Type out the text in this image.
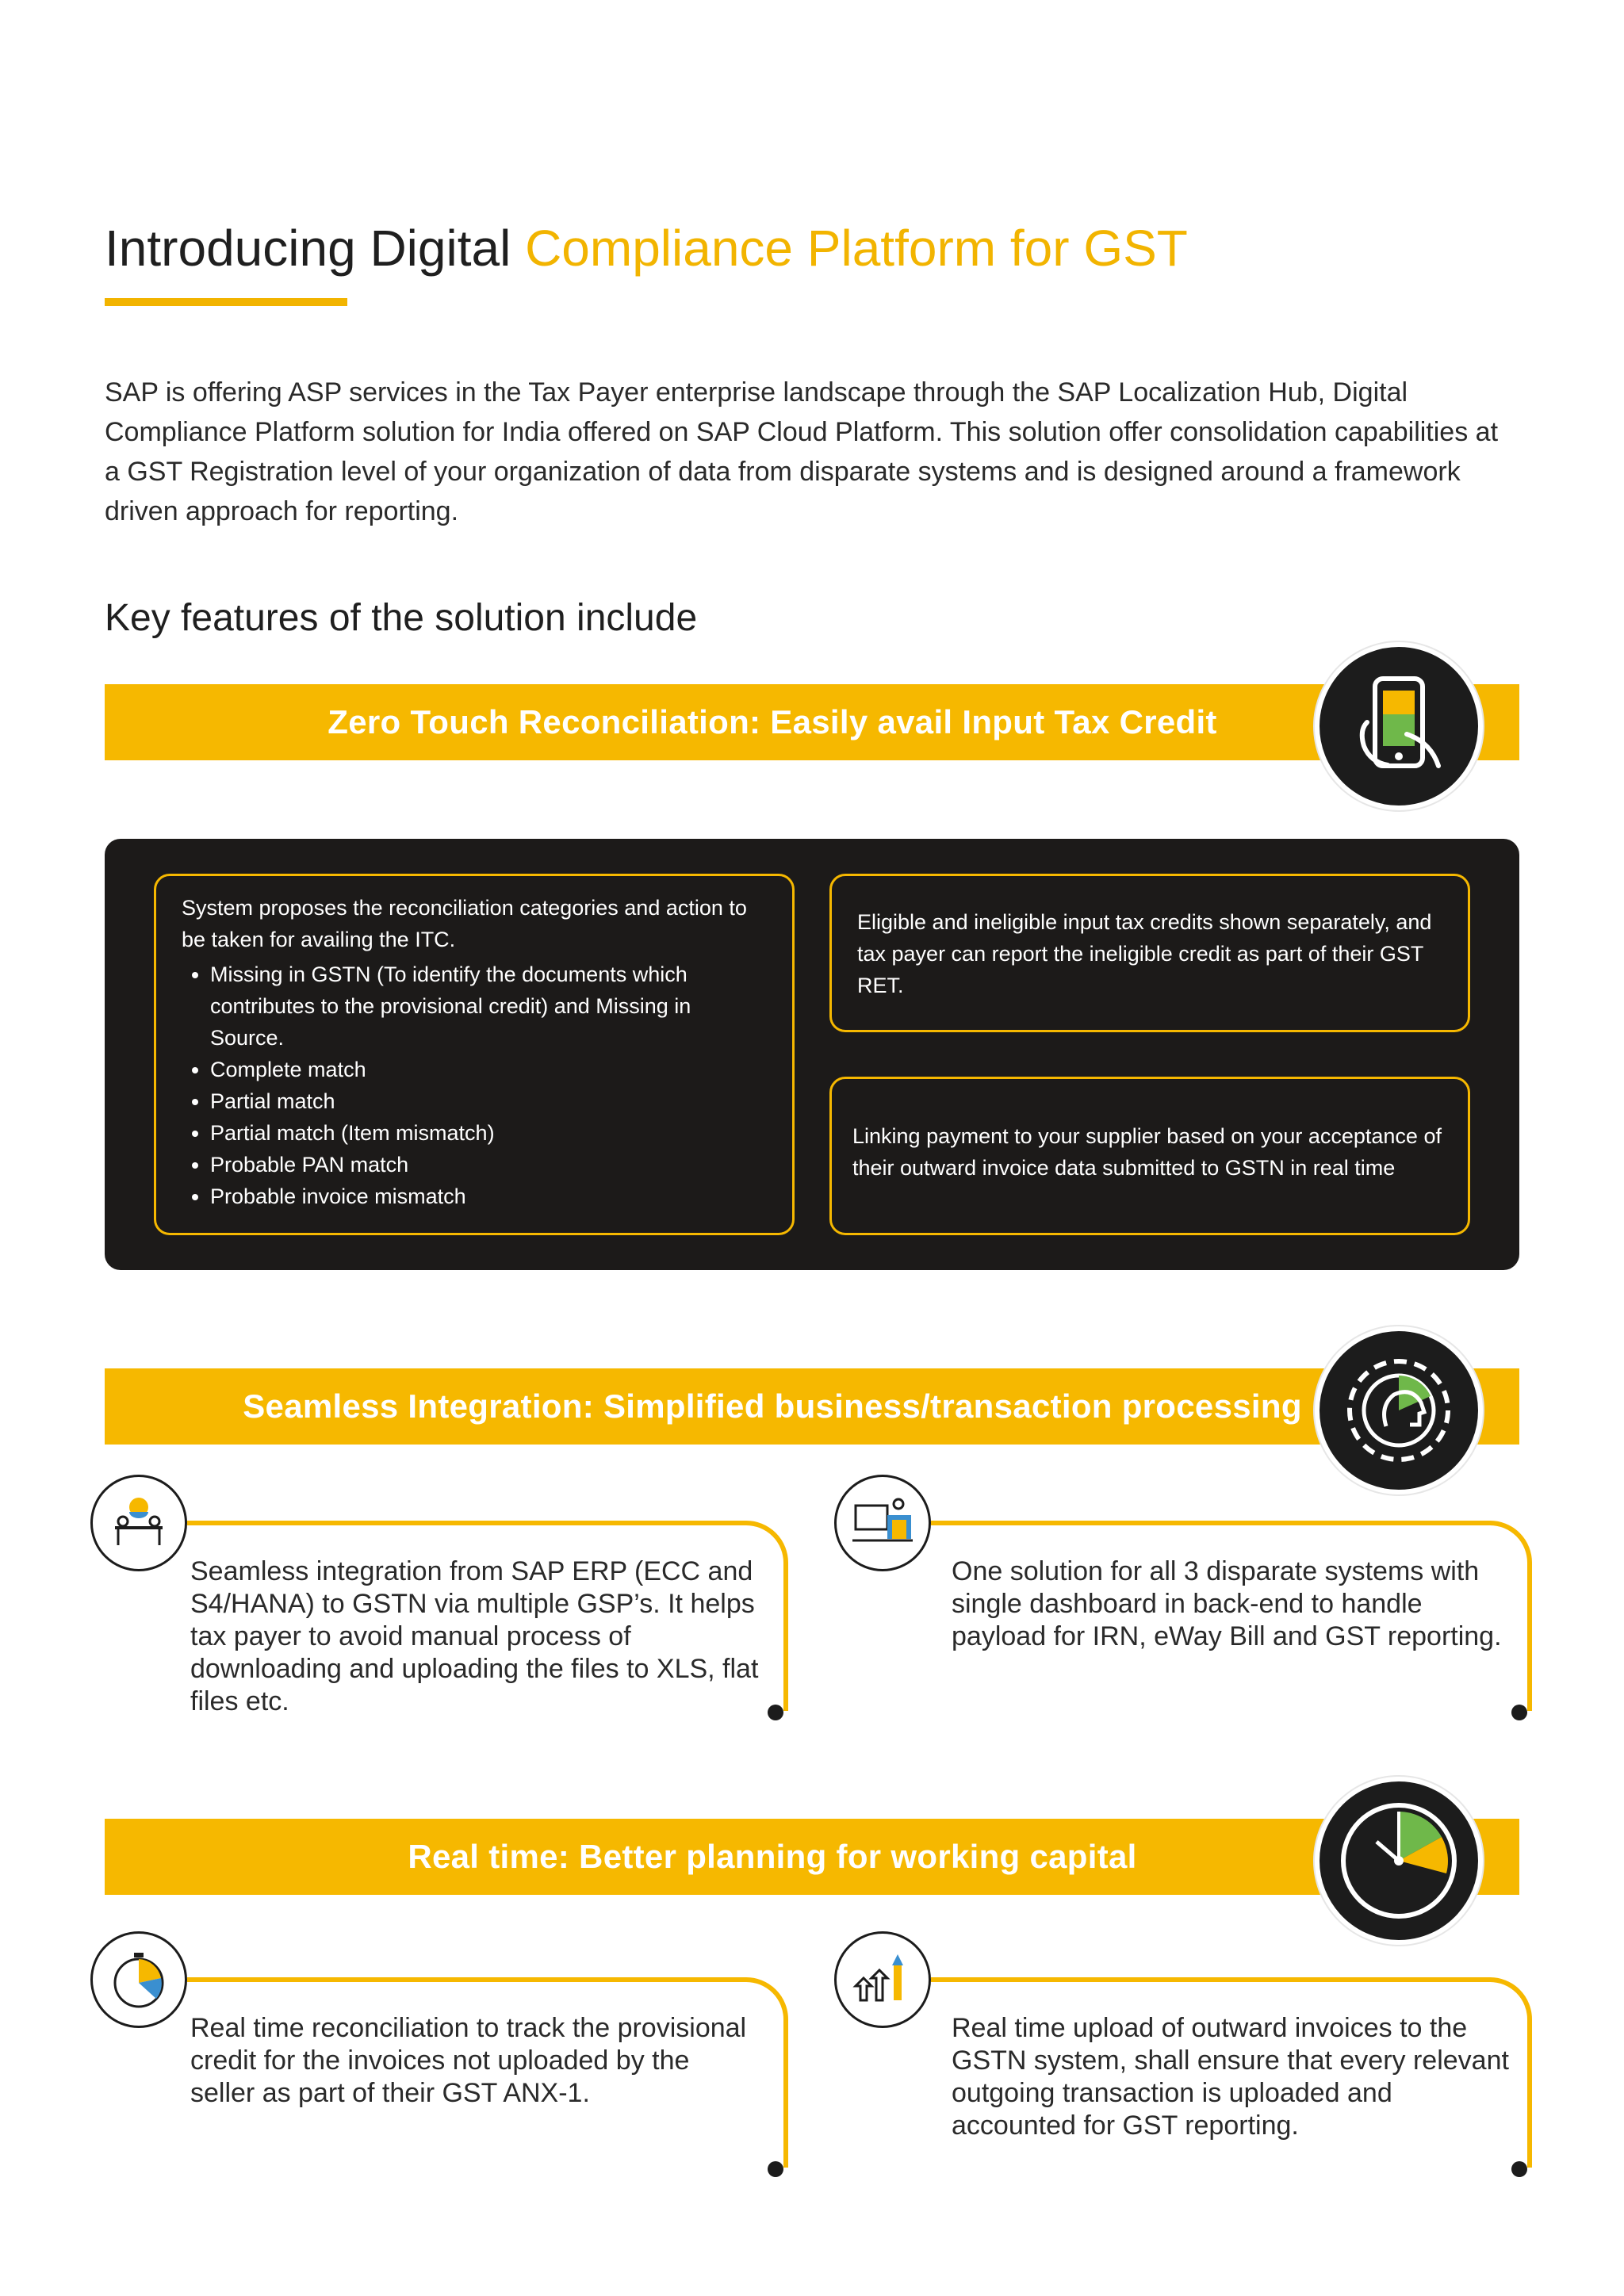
Introducing Digital Compliance Platform for GST
SAP is offering ASP services in the Tax Payer enterprise landscape through the SAP Localization Hub, Digital Compliance Platform solution for India offered on SAP Cloud Platform. This solution offer consolidation capabilities at a GST Registration level of your organization of data from disparate systems and is designed around a framework driven approach for reporting.
Key features of the solution include
Zero Touch Reconciliation: Easily avail Input Tax Credit
System proposes the reconciliation categories and action to be taken for availing the ITC.
• Missing in GSTN (To identify the documents which contributes to the provisional credit) and Missing in Source.
• Complete match
• Partial match
• Partial match (Item mismatch)
• Probable PAN match
• Probable invoice mismatch
Eligible and ineligible input tax credits shown separately, and tax payer can report the ineligible credit as part of their GST RET.
Linking payment to your supplier based on your acceptance of their outward invoice data submitted to GSTN in real time
Seamless Integration: Simplified business/transaction processing
Seamless integration from SAP ERP (ECC and S4/HANA) to GSTN via multiple GSP’s. It helps tax payer to avoid manual process of downloading and uploading the files to XLS, flat files etc.
One solution for all 3 disparate systems with single dashboard in back-end to handle payload for IRN, eWay Bill and GST reporting.
Real time: Better planning for working capital
Real time reconciliation to track the provisional credit for the invoices not uploaded by the seller as part of their GST ANX-1.
Real time upload of outward invoices to the GSTN system, shall ensure that every relevant outgoing transaction is uploaded and accounted for GST reporting.
